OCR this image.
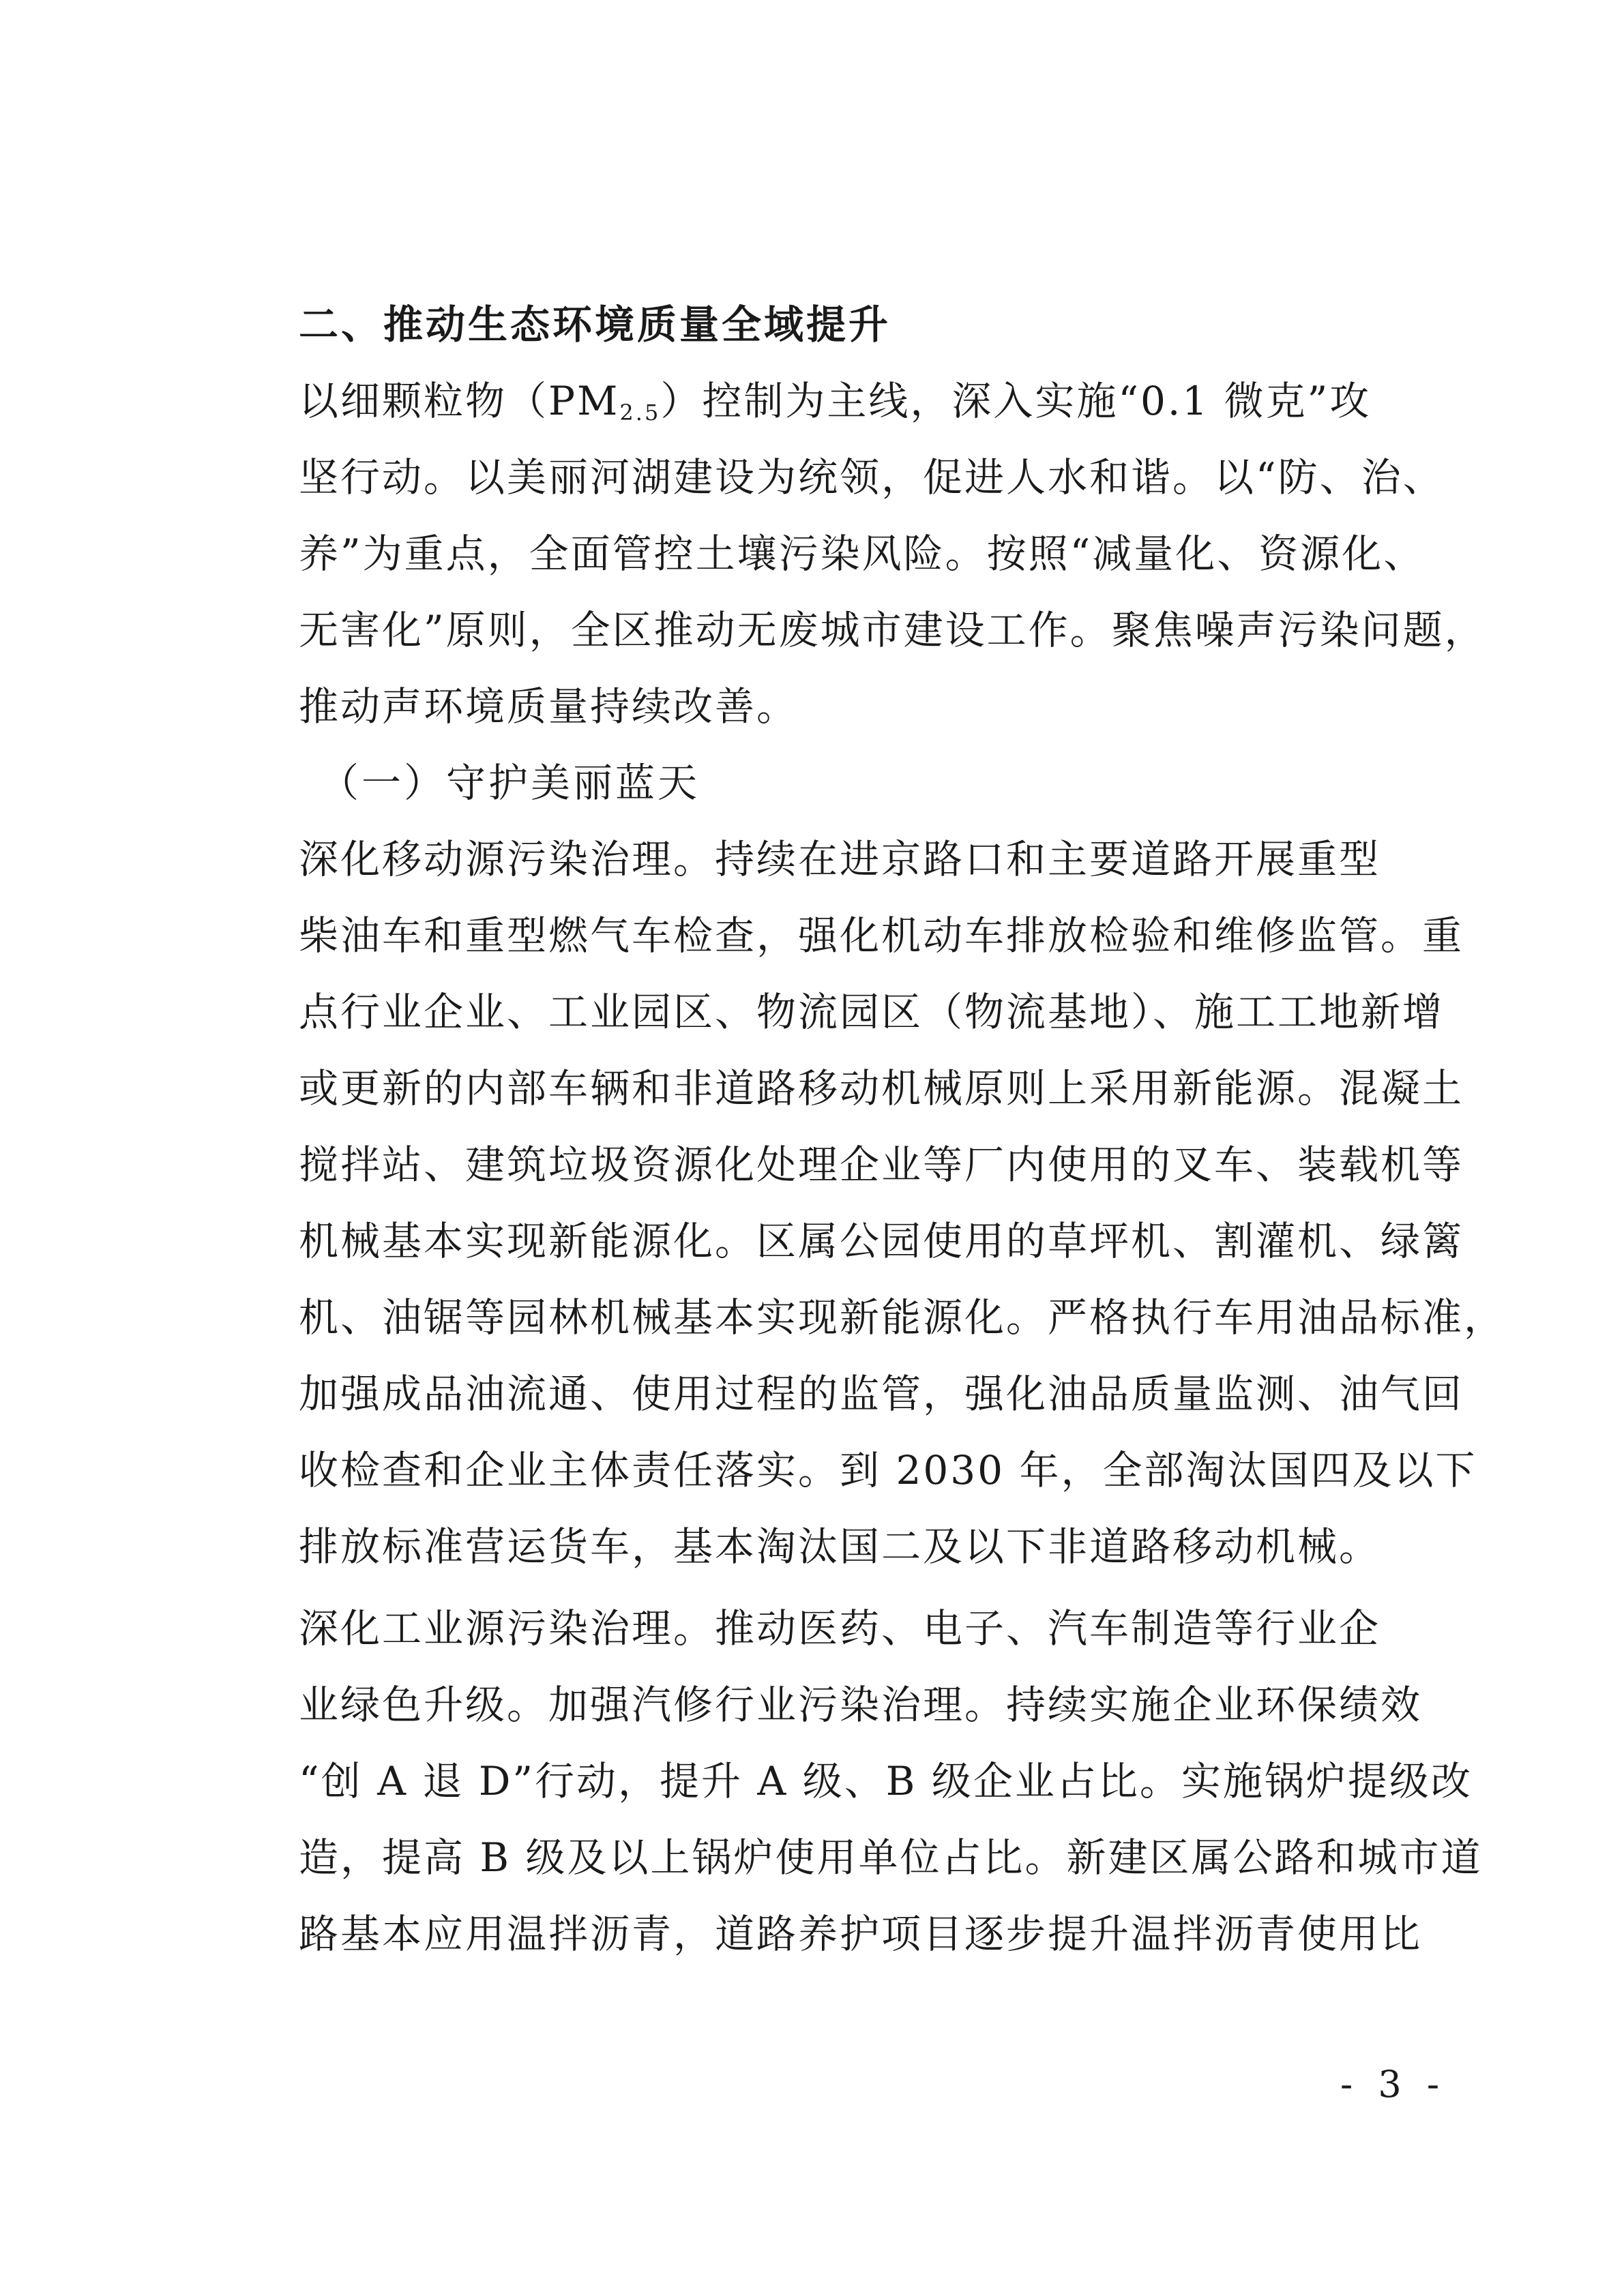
二、推动生态环境质量全域提升

以细颗粒物$(PM_{2.5})$控制为主线，深入实施“0.1 微克”攻
坚行动。以美丽河湖建设为统领，促进人水和谐。以“防、治、
养”为重点，全面管控土壤污染风险。按照“减量化、资源化、
无害化”原则，全区推动无废城市建设工作。聚焦噪声污染问题，
推动声环境质量持续改善。

（一）守护美丽蓝天

深化移动源污染治理。持续在进京路口和主要道路开展重型
柴油车和重型燃气车检查，强化机动车排放检验和维修监管。重
点行业企业、工业园区、物流园区（物流基地）、施工工地新增
或更新的内部车辆和非道路移动机械原则上采用新能源。混凝土
搅拌站、建筑垃圾资源化处理企业等厂内使用的叉车、装载机等
机械基本实现新能源化。区属公园使用的草坪机、割灌机、绿篱
机、油锯等园林机械基本实现新能源化。严格执行车用油品标准，
加强成品油流通、使用过程的监管，强化油品质量监测、油气回
收检查和企业主体责任落实。到 2030 年，全部淘汰国四及以下
排放标准营运货车，基本淘汰国二及以下非道路移动机械。

深化工业源污染治理。推动医药、电子、汽车制造等行业企
业绿色升级。加强汽修行业污染治理。持续实施企业环保绩效
“创 A 退 D”行动，提升 A 级、B 级企业占比。实施锅炉提级改
造，提高 B 级及以上锅炉使用单位占比。新建区属公路和城市道
路基本应用温拌沥青，道路养护项目逐步提升温拌沥青使用比

- 3 -
